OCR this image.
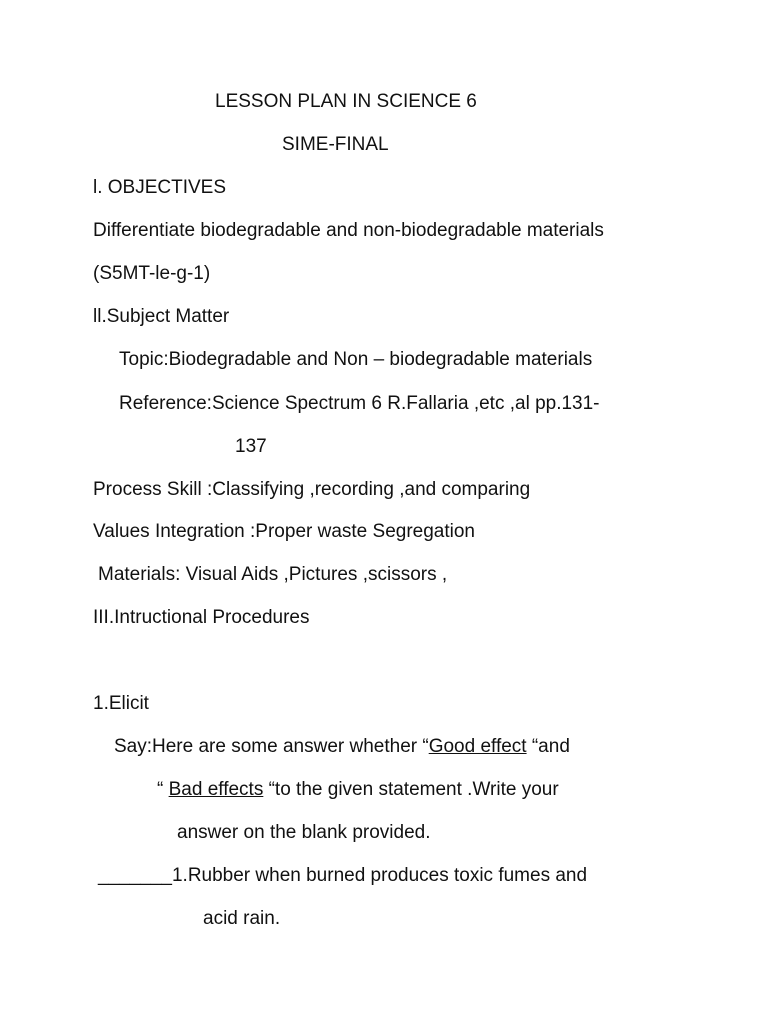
LESSON PLAN IN SCIENCE 6

SIME-FINAL

l. OBJECTIVES

Differentiate biodegradable and non-biodegradable materials

(S5MT-le-g-1)

ll.Subject Matter

Topic:Biodegradable and Non – biodegradable materials

Reference:Science Spectrum 6 R.Fallaria ,etc ,al pp.131-

137

Process Skill :Classifying ,recording ,and comparing

Values Integration :Proper waste Segregation

Materials: Visual Aids ,Pictures ,scissors ,

III.Intructional Procedures

1.Elicit

Say:Here are some answer whether “Good effect “and

“ Bad effects “to the given statement .Write your

answer on the blank provided.

_______1.Rubber when burned produces toxic fumes and

acid rain.
